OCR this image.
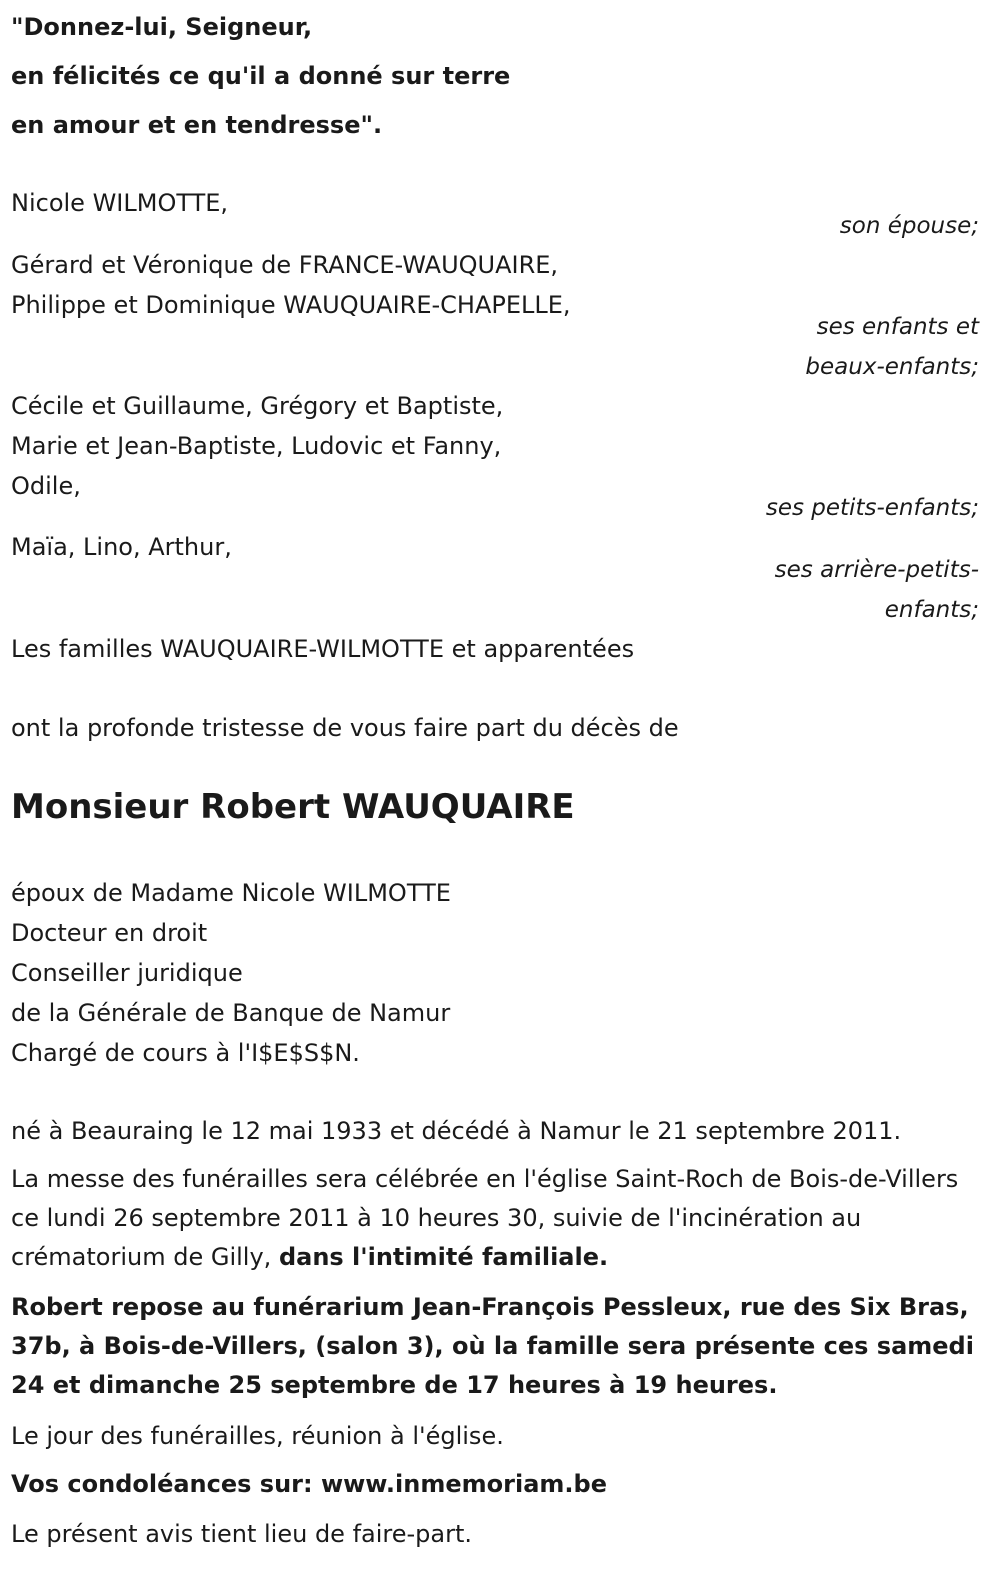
"Donnez-lui, Seigneur,
en félicités ce qu'il a donné sur terre
en amour et en tendresse".
Nicole WILMOTTE,
son épouse;
Gérard et Véronique de FRANCE-WAUQUAIRE,
Philippe et Dominique WAUQUAIRE-CHAPELLE,
ses enfants et
beaux-enfants;
Cécile et Guillaume, Grégory et Baptiste,
Marie et Jean-Baptiste, Ludovic et Fanny,
Odile,
ses petits-enfants;
Maïa, Lino, Arthur,
ses arrière-petits-
enfants;
Les familles WAUQUAIRE-WILMOTTE et apparentées
ont la profonde tristesse de vous faire part du décès de
Monsieur Robert WAUQUAIRE
époux de Madame Nicole WILMOTTE
Docteur en droit
Conseiller juridique
de la Générale de Banque de Namur
Chargé de cours à l'I$E$S$N.
né à Beauraing le 12 mai 1933 et décédé à Namur le 21 septembre 2011.
La messe des funérailles sera célébrée en l'église Saint-Roch de Bois-de-Villers ce lundi 26 septembre 2011 à 10 heures 30, suivie de l'incinération au crématorium de Gilly, dans l'intimité familiale.
Robert repose au funérarium Jean-François Pessleux, rue des Six Bras, 37b, à Bois-de-Villers, (salon 3), où la famille sera présente ces samedi 24 et dimanche 25 septembre de 17 heures à 19 heures.
Le jour des funérailles, réunion à l'église.
Vos condoléances sur: www.inmemoriam.be
Le présent avis tient lieu de faire-part.
